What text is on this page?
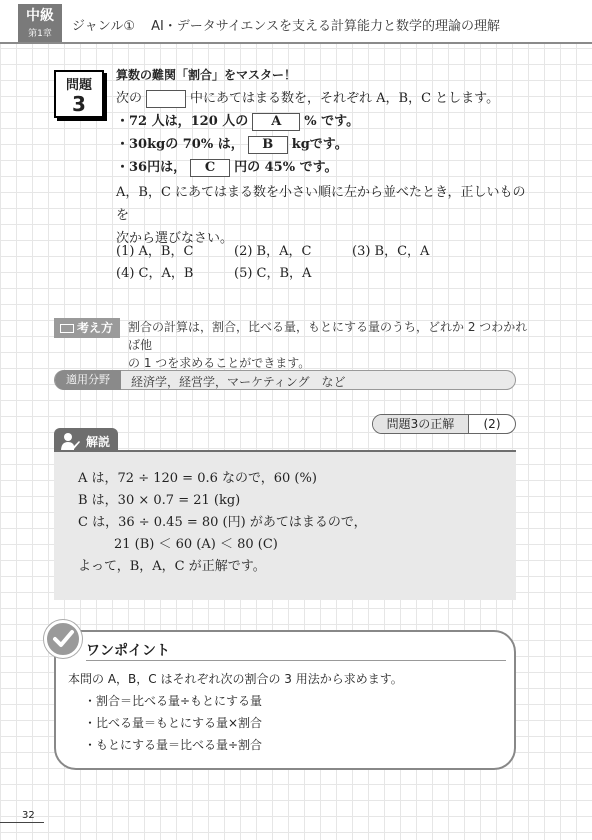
中級
第1章	ジャンル① AI・データサイエンスを支える計算能力と数学的理論の理解
問題
3
算数の難関「割合」をマスター！
次の	中にあてはまる数を，それぞれ A，B，C とします。
・72 人は，120 人の A % です。
・30kgの 70% は， B kgです。
・36円は， C 円の 45% です。
A，B，C にあてはまる数を小さい順に左から並べたとき，正しいものを
次から選びなさい。
(1) A，B，C	(2) B，A，C	(3) B，C，A
(4) C，A，B	(5) C，B，A
考え方	割合の計算は，割合，比べる量，もとにする量のうち，どれか 2 つわかれば他
の 1 つを求めることができます。
適用分野	経済学，経営学，マーケティング　など
問題3の正解	(2)
解説
A は，72 ÷ 120 = 0.6 なので，60 (%)
B は，30 × 0.7 = 21 (kg)
C は，36 ÷ 0.45 = 80 (円) があてはまるので，
21 (B) ＜ 60 (A) ＜ 80 (C)
よって，B，A，C が正解です。
ワンポイント
本問の A，B，C はそれぞれ次の割合の 3 用法から求めます。
・割合＝比べる量÷もとにする量
・比べる量＝もとにする量×割合
・もとにする量＝比べる量÷割合
32
